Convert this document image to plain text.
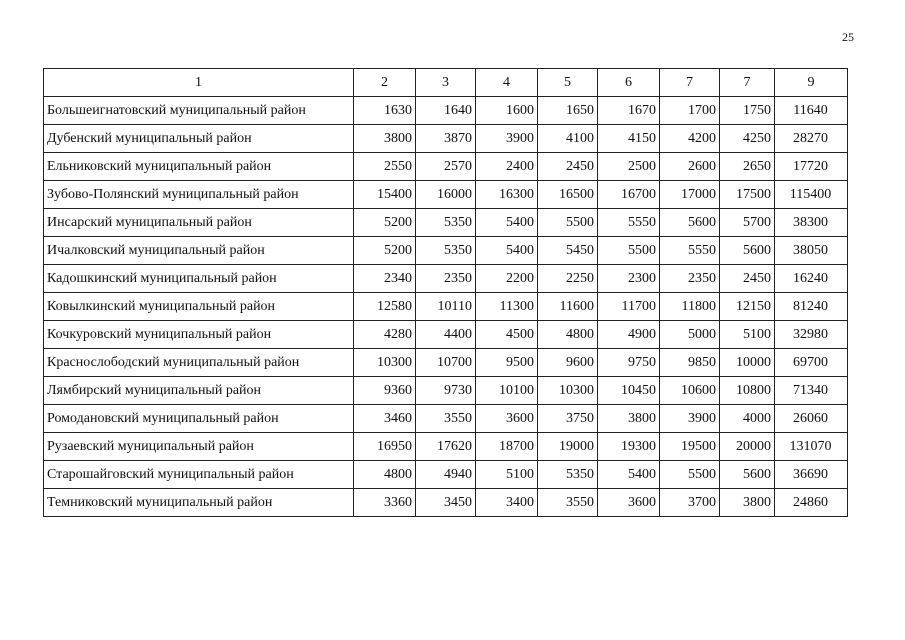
25
1	2	3	4	5	6	7	7	9
Большеигнатовский муниципальный район	1630	1640	1600	1650	1670	1700	1750	11640
Дубенский муниципальный район	3800	3870	3900	4100	4150	4200	4250	28270
Ельниковский муниципальный район	2550	2570	2400	2450	2500	2600	2650	17720
Зубово-Полянский муниципальный район	15400	16000	16300	16500	16700	17000	17500	115400
Инсарский муниципальный район	5200	5350	5400	5500	5550	5600	5700	38300
Ичалковский муниципальный район	5200	5350	5400	5450	5500	5550	5600	38050
Кадошкинский муниципальный район	2340	2350	2200	2250	2300	2350	2450	16240
Ковылкинский муниципальный район	12580	10110	11300	11600	11700	11800	12150	81240
Кочкуровский муниципальный район	4280	4400	4500	4800	4900	5000	5100	32980
Краснослободский муниципальный район	10300	10700	9500	9600	9750	9850	10000	69700
Лямбирский муниципальный район	9360	9730	10100	10300	10450	10600	10800	71340
Ромодановский муниципальный район	3460	3550	3600	3750	3800	3900	4000	26060
Рузаевский муниципальный район	16950	17620	18700	19000	19300	19500	20000	131070
Старошайговский муниципальный район	4800	4940	5100	5350	5400	5500	5600	36690
Темниковский муниципальный район	3360	3450	3400	3550	3600	3700	3800	24860
